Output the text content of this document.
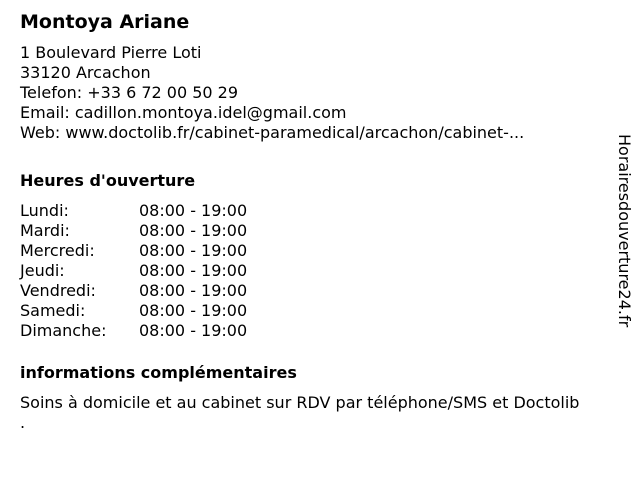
Montoya Ariane
1 Boulevard Pierre Loti
33120 Arcachon
Telefon: +33 6 72 00 50 29
Email: cadillon.montoya.idel@gmail.com
Web: www.doctolib.fr/cabinet-paramedical/arcachon/cabinet-...
Heures d'ouverture
Lundi:	08:00 - 19:00
Mardi:	08:00 - 19:00
Mercredi:	08:00 - 19:00
Jeudi:	08:00 - 19:00
Vendredi:	08:00 - 19:00
Samedi:	08:00 - 19:00
Dimanche: 08:00 - 19:00
informations complémentaires
Soins à domicile et au cabinet sur RDV par téléphone/SMS et Doctolib
.
Horairesdouverture24.fr
